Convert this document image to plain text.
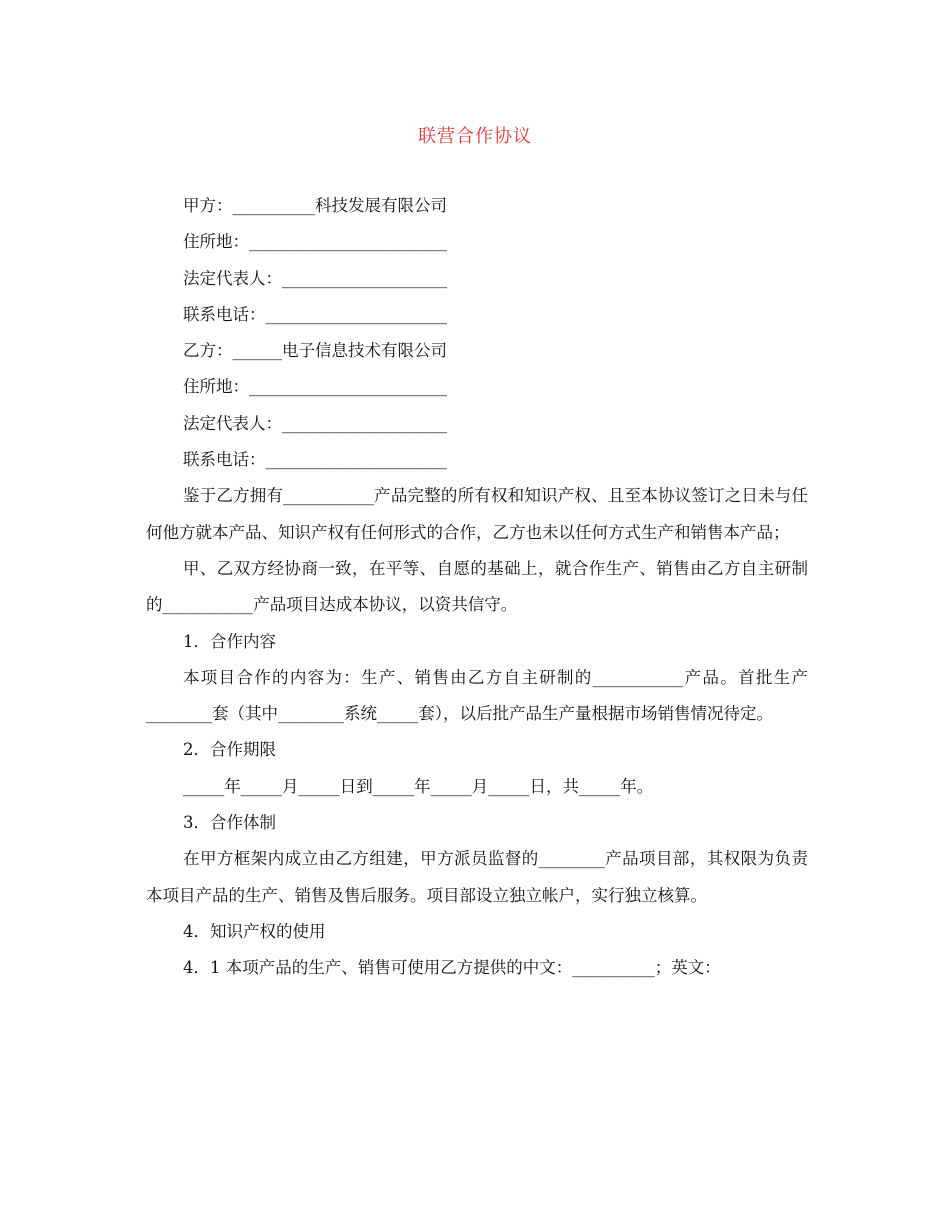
联营合作协议
甲方：__________科技发展有限公司
住所地：________________________
法定代表人：____________________
联系电话：______________________
乙方：______电子信息技术有限公司
住所地：________________________
法定代表人：____________________
联系电话：______________________
鉴于乙方拥有___________产品完整的所有权和知识产权、且至本协议签订之日未与任何他方就本产品、知识产权有任何形式的合作，乙方也未以任何方式生产和销售本产品；
甲、乙双方经协商一致，在平等、自愿的基础上，就合作生产、销售由乙方自主研制的___________产品项目达成本协议，以资共信守。
1．合作内容
本项目合作的内容为：生产、销售由乙方自主研制的___________产品。首批生产________套（其中________系统_____套），以后批产品生产量根据市场销售情况待定。
2．合作期限
_____年_____月_____日到_____年_____月_____日，共_____年。
3．合作体制
在甲方框架内成立由乙方组建，甲方派员监督的________产品项目部，其权限为负责本项目产品的生产、销售及售后服务。项目部设立独立帐户，实行独立核算。
4．知识产权的使用
4．1 本项产品的生产、销售可使用乙方提供的中文：__________；英文：
